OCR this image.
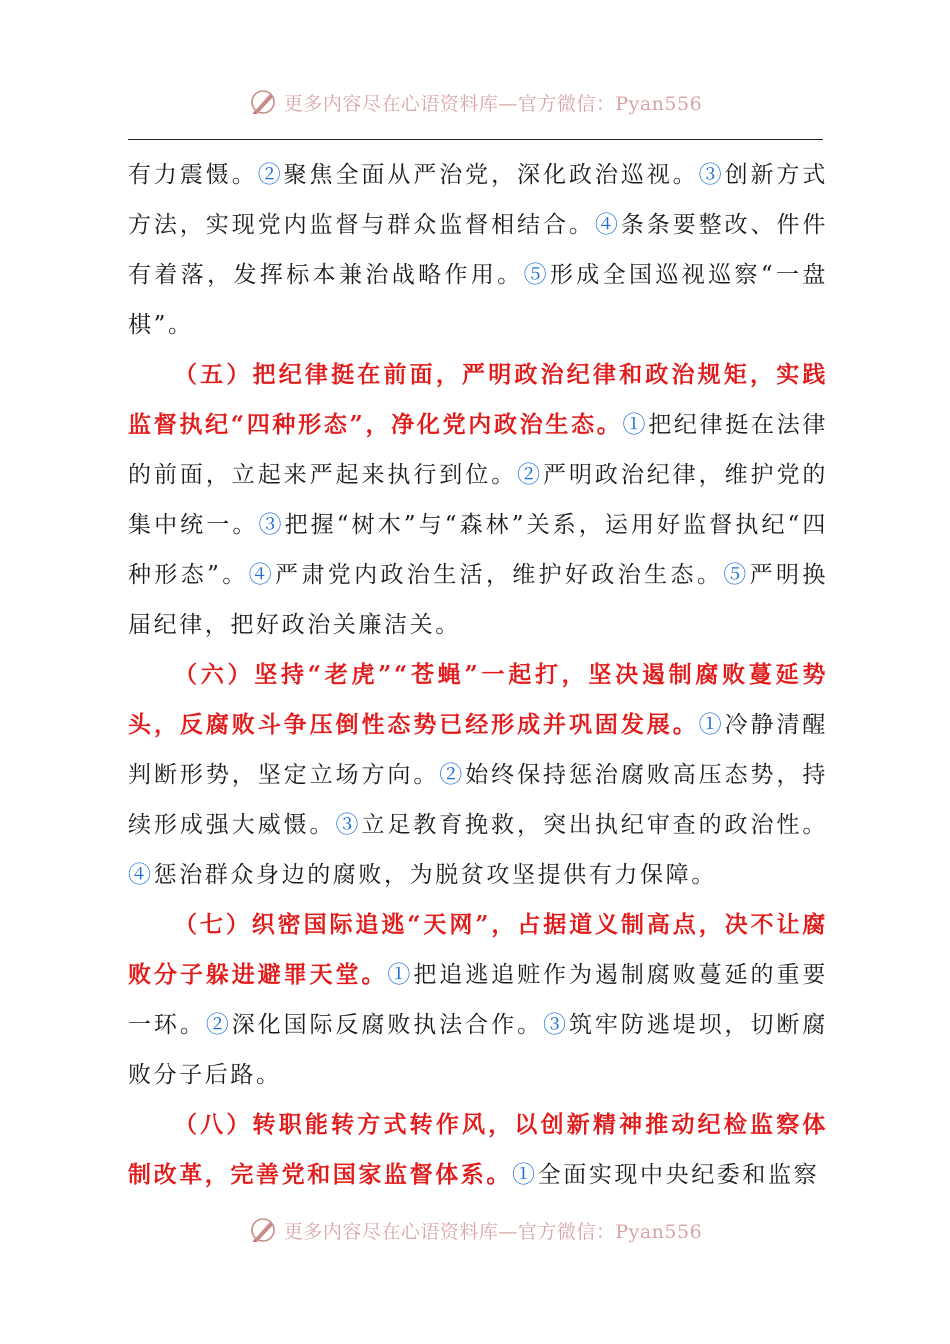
更多内容尽在心语资料库—官方微信：Pyan556

有力震慑。②聚焦全面从严治党，深化政治巡视。③创新方式方法，实现党内监督与群众监督相结合。④条条要整改、件件有着落，发挥标本兼治战略作用。⑤形成全国巡视巡察“一盘棋”。

（五）把纪律挺在前面，严明政治纪律和政治规矩，实践监督执纪“四种形态”，净化党内政治生态。①把纪律挺在法律的前面，立起来严起来执行到位。②严明政治纪律，维护党的集中统一。③把握“树木”与“森林”关系，运用好监督执纪“四种形态”。④严肃党内政治生活，维护好政治生态。⑤严明换届纪律，把好政治关廉洁关。

（六）坚持“老虎”“苍蝇”一起打，坚决遏制腐败蔓延势头，反腐败斗争压倒性态势已经形成并巩固发展。①冷静清醒判断形势，坚定立场方向。②始终保持惩治腐败高压态势，持续形成强大威慑。③立足教育挽救，突出执纪审查的政治性。④惩治群众身边的腐败，为脱贫攻坚提供有力保障。

（七）织密国际追逃“天网”，占据道义制高点，决不让腐败分子躲进避罪天堂。①把追逃追赃作为遏制腐败蔓延的重要一环。②深化国际反腐败执法合作。③筑牢防逃堤坝，切断腐败分子后路。

（八）转职能转方式转作风，以创新精神推动纪检监察体制改革，完善党和国家监督体系。①全面实现中央纪委和监察

更多内容尽在心语资料库—官方微信：Pyan556
